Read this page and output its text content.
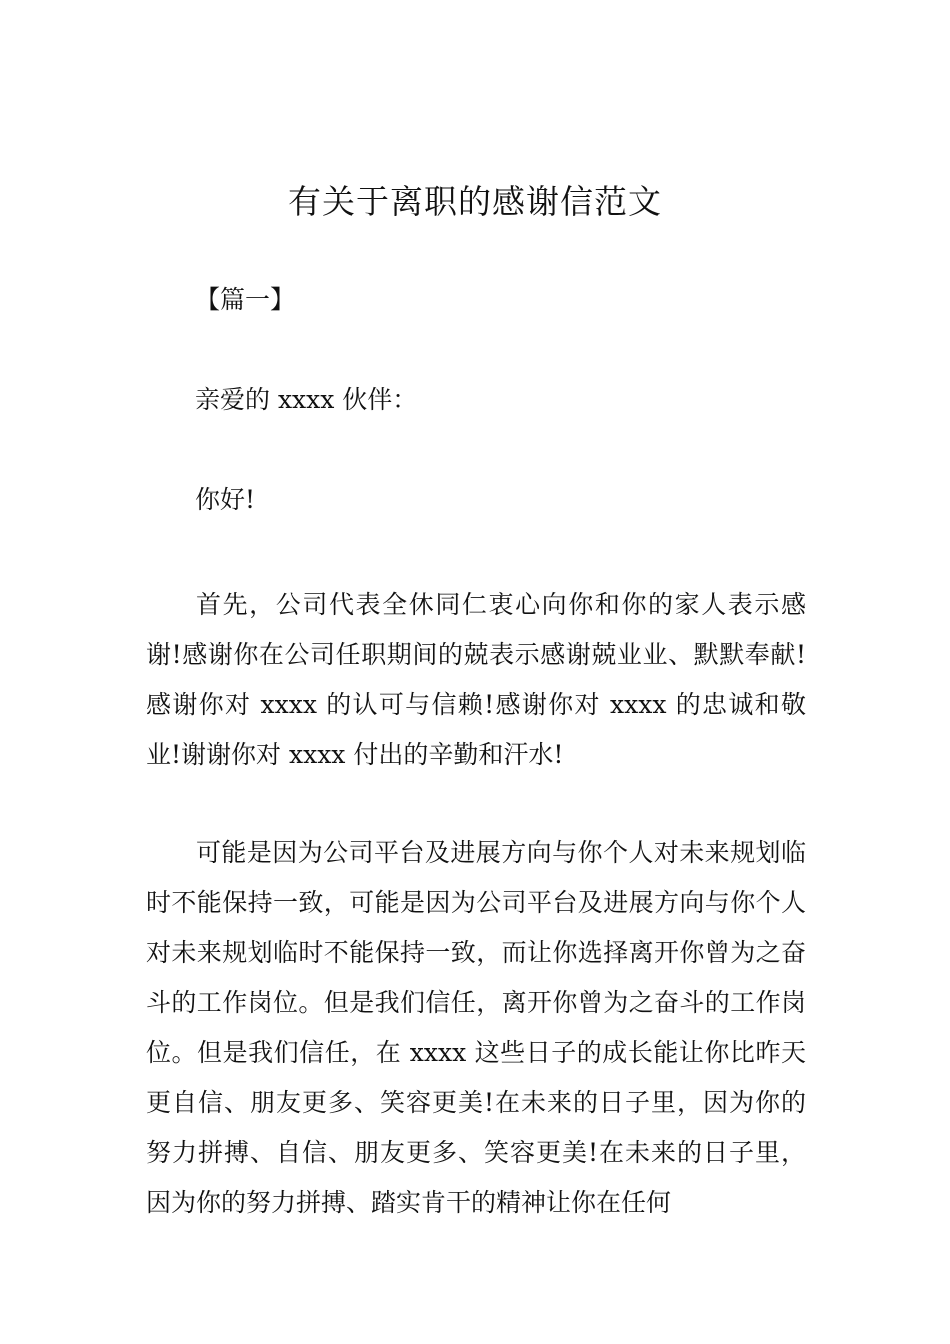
有关于离职的感谢信范文

【篇一】

亲爱的 xxxx 伙伴：

你好!

首先，公司代表全休同仁衷心向你和你的家人表示感谢!感谢你在公司任职期间的兢表示感谢兢业业、默默奉献!感谢你对 xxxx 的认可与信赖!感谢你对 xxxx 的忠诚和敬业!谢谢你对 xxxx 付出的辛勤和汗水!

可能是因为公司平台及进展方向与你个人对未来规划临时不能保持一致，可能是因为公司平台及进展方向与你个人对未来规划临时不能保持一致，而让你选择离开你曾为之奋斗的工作岗位。但是我们信任，离开你曾为之奋斗的工作岗位。但是我们信任，在 xxxx 这些日子的成长能让你比昨天更自信、朋友更多、笑容更美!在未来的日子里，因为你的努力拼搏、自信、朋友更多、笑容更美!在未来的日子里，因为你的努力拼搏、踏实肯干的精神让你在任何
